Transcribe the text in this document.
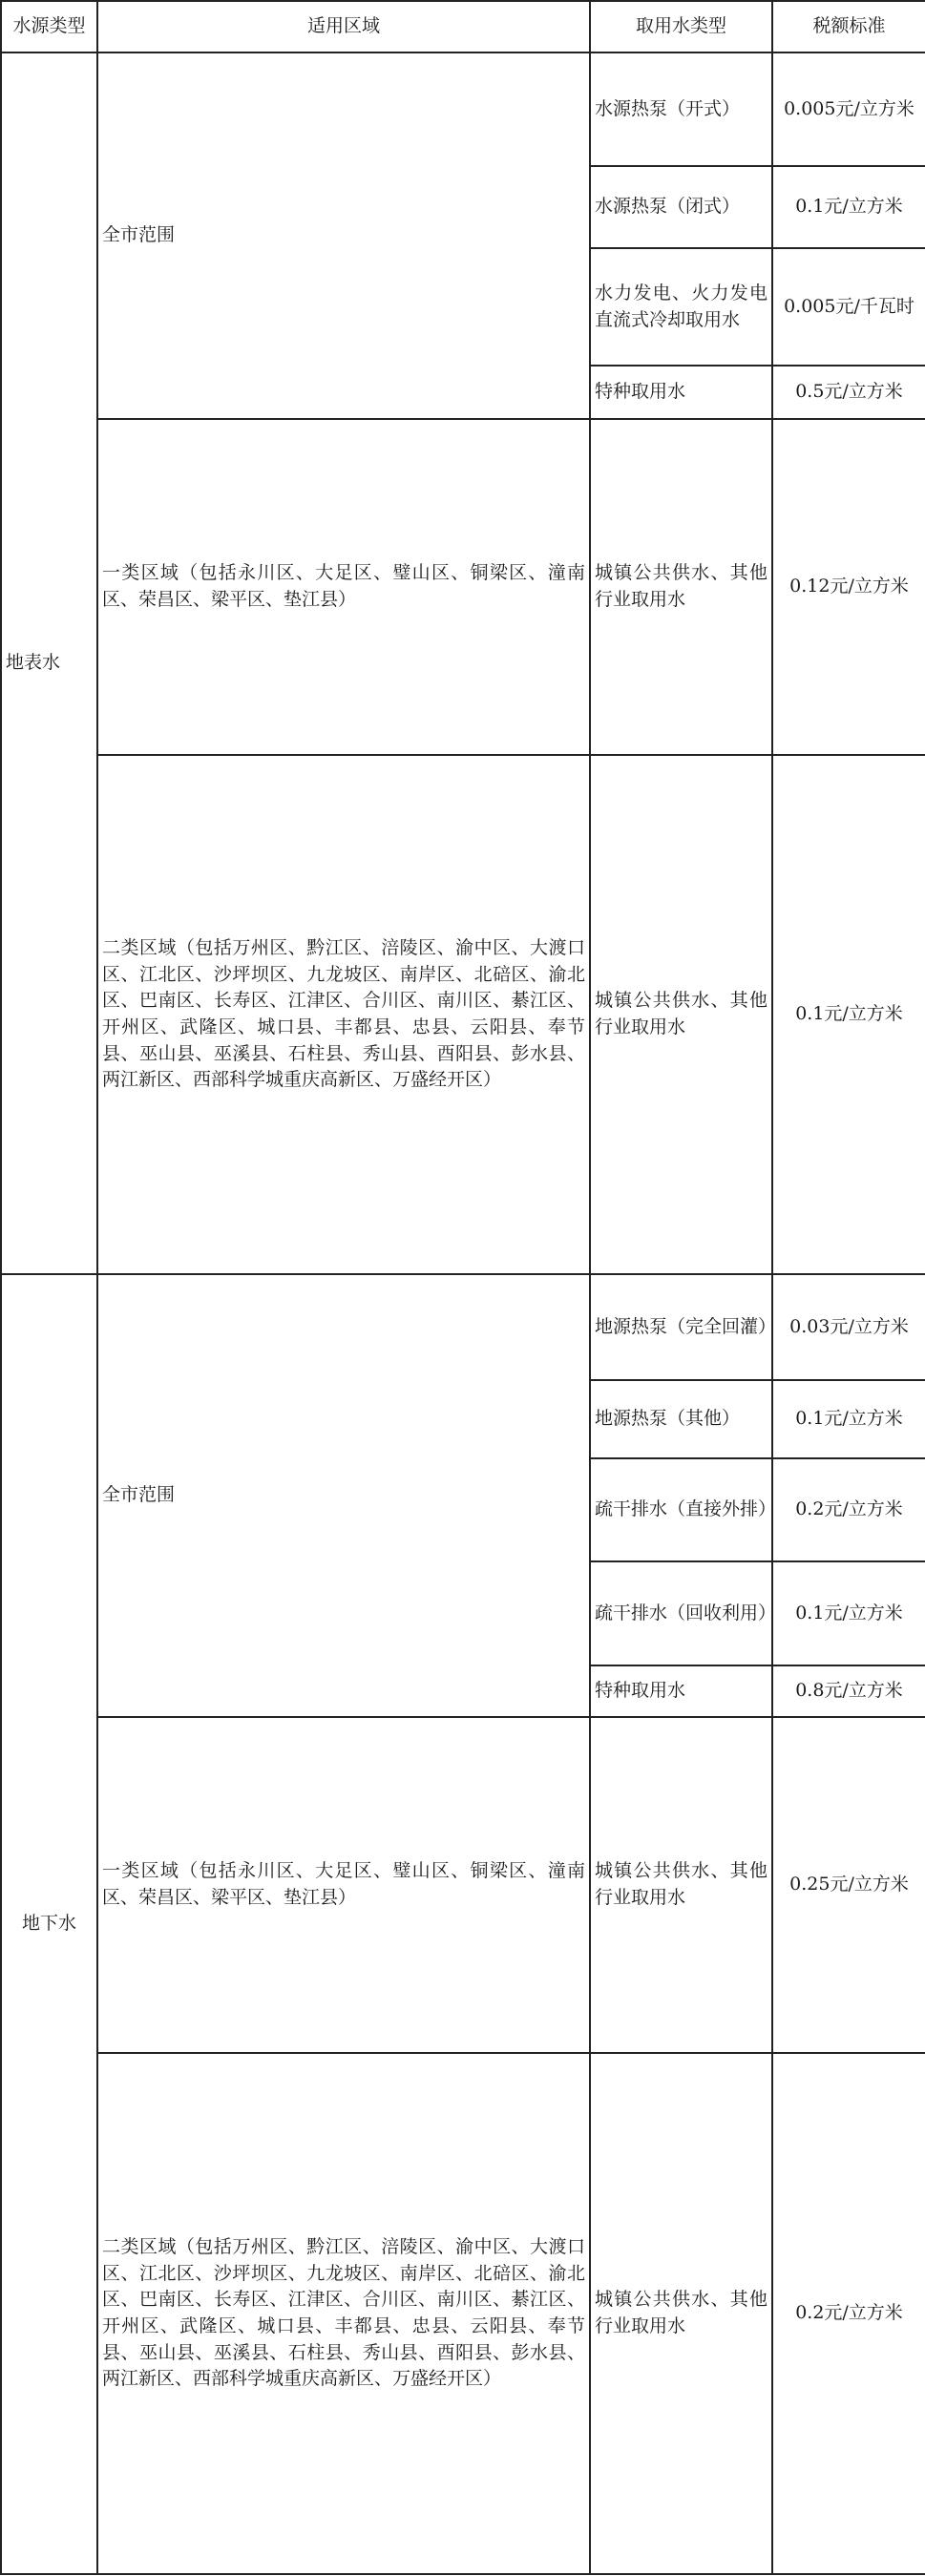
水源类型	适用区域	取用水类型	税额标准
地表水	全市范围	水源热泵（开式）	0.005元/立方米
		水源热泵（闭式）	0.1元/立方米
		水力发电、火力发电直流式冷却取用水	0.005元/千瓦时
		特种取用水	0.5元/立方米
	一类区域（包括永川区、大足区、璧山区、铜梁区、潼南区、荣昌区、梁平区、垫江县）	城镇公共供水、其他行业取用水	0.12元/立方米
	二类区域（包括万州区、黔江区、涪陵区、渝中区、大渡口区、江北区、沙坪坝区、九龙坡区、南岸区、北碚区、渝北区、巴南区、长寿区、江津区、合川区、南川区、綦江区、开州区、武隆区、城口县、丰都县、忠县、云阳县、奉节县、巫山县、巫溪县、石柱县、秀山县、酉阳县、彭水县、两江新区、西部科学城重庆高新区、万盛经开区）	城镇公共供水、其他行业取用水	0.1元/立方米
地下水	全市范围	地源热泵（完全回灌）	0.03元/立方米
		地源热泵（其他）	0.1元/立方米
		疏干排水（直接外排）	0.2元/立方米
		疏干排水（回收利用）	0.1元/立方米
		特种取用水	0.8元/立方米
	一类区域（包括永川区、大足区、璧山区、铜梁区、潼南区、荣昌区、梁平区、垫江县）	城镇公共供水、其他行业取用水	0.25元/立方米
	二类区域（包括万州区、黔江区、涪陵区、渝中区、大渡口区、江北区、沙坪坝区、九龙坡区、南岸区、北碚区、渝北区、巴南区、长寿区、江津区、合川区、南川区、綦江区、开州区、武隆区、城口县、丰都县、忠县、云阳县、奉节县、巫山县、巫溪县、石柱县、秀山县、酉阳县、彭水县、两江新区、西部科学城重庆高新区、万盛经开区）	城镇公共供水、其他行业取用水	0.2元/立方米
